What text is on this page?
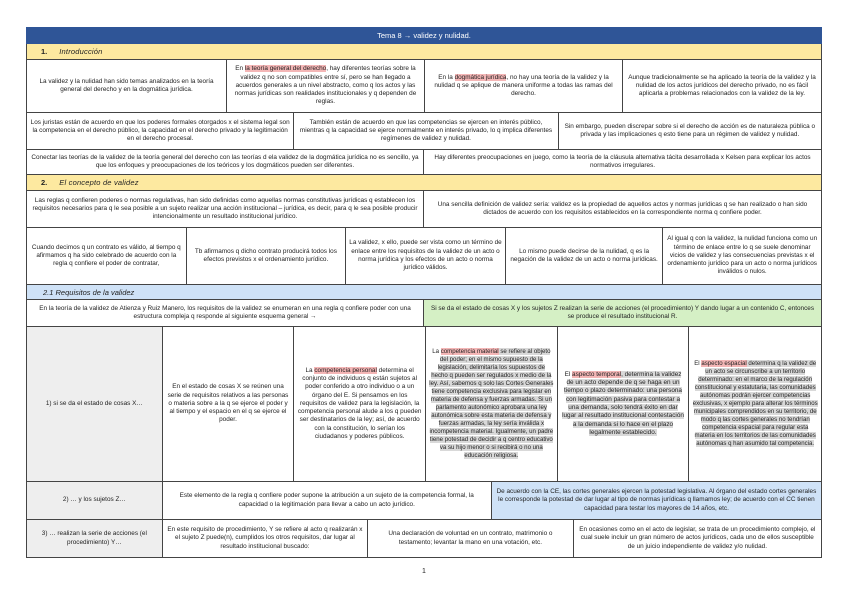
Tema 8 → validez y nulidad.
1. Introducción
La validez y la nulidad han sido temas analizados en la teoría general del derecho y en la dogmática jurídica.
En la teoría general del derecho, hay diferentes teorías sobre la validez q no son compatibles entre sí, pero se han llegado a acuerdos generales a un nivel abstracto, como q los actos y las normas jurídicas son realidades institucionales y q dependen de reglas.
En la dogmática jurídica, no hay una teoría de la validez y la nulidad q se aplique de manera uniforme a todas las ramas del derecho.
Aunque tradicionalmente se ha aplicado la teoría de la validez y la nulidad de los actos jurídicos del derecho privado, no es fácil aplicarla a problemas relacionados con la validez de la ley.
Los juristas están de acuerdo en que los poderes formales otorgados x el sistema legal son la competencia en el derecho público, la capacidad en el derecho privado y la legitimación en el derecho procesal.
También están de acuerdo en que las competencias se ejercen en interés público, mientras q la capacidad se ejerce normalmente en interés privado, lo q implica diferentes regímenes de validez y nulidad.
Sin embargo, pueden discrepar sobre si el derecho de acción es de naturaleza pública o privada y las implicaciones q esto tiene para un régimen de validez y nulidad.
Conectar las teorías de la validez de la teoría general del derecho con las teorías d ela validez de la dogmática jurídica no es sencillo, ya que los enfoques y preocupaciones de los teóricos y los dogmáticos pueden ser diferentes.
Hay diferentes preocupaciones en juego, como la teoría de la cláusula alternativa tácita desarrollada x Kelsen para explicar los actos normativos irregulares.
2. El concepto de validez
Las reglas q confieren poderes o normas regulativas, han sido definidas como aquellas normas constitutivas jurídicas q establecen los requisitos necesarios para q le sea posible a un sujeto realizar una acción institucional – jurídica, es decir, para q le sea posible producir intencionalmente un resultado institucional jurídico.
Una sencilla definición de validez sería: validez es la propiedad de aquellos actos y normas jurídicas q se han realizado o han sido dictados de acuerdo con los requisitos establecidos en la correspondiente norma q confiere poder.
Cuando decimos q un contrato es válido, al tiempo q afirmamos q ha sido celebrado de acuerdo con la regla q confiere el poder de contratar,
Tb afirmamos q dicho contrato producirá todos los efectos previstos x el ordenamiento jurídico.
La validez, x ello, puede ser vista como un término de enlace entre los requisitos de la validez de un acto o norma jurídica y los efectos de un acto o norma jurídico válidos.
Lo mismo puede decirse de la nulidad, q es la negación de la validez de un acto o norma jurídicas.
Al igual q con la validez, la nulidad funciona como un término de enlace entre lo q se suele denominar vicios de validez y las consecuencias previstas x el ordenamiento jurídico para un acto o norma jurídicos inválidos o nulos.
2.1 Requisitos de la validez
En la teoría de la validez de Atienza y Ruiz Manero, los requisitos de la validez se enumeran en una regla q confiere poder con una estructura compleja q responde al siguiente esquema general →
Si se da el estado de cosas X y los sujetos Z realizan la serie de acciones (el procedimiento) Y dando lugar a un contenido C, entonces se produce el resultado institucional R.
1) si se da el estado de cosas X…
En el estado de cosas X se reúnen una serie de requisitos relativos a las personas o materia sobre a la q se ejerce el poder y al tiempo y el espacio en el q se ejerce el poder.
La competencia personal determina el conjunto de individuos q están sujetos al poder conferido a otro individuo o a un órgano del E. Si pensamos en los requisitos de validez para la legislación, la competencia personal alude a los q pueden ser destinatarios de la ley; así, de acuerdo con la constitución, lo serían los ciudadanos y poderes públicos.
La competencia material se refiere al objeto del poder; en el mismo supuesto de la legislación, delimitaría los supuestos de hecho q pueden ser regulados x medio de la ley. Así, sabemos q solo las Cortes Generales tiene competencia exclusiva para legislar en materia de defensa y fuerzas armadas. Si un parlamento autonómico aprobara una ley autonómica sobre esta materia de defensa y fuerzas armadas, la ley sería inválida x incompetencia material. Igualmente, un padre tiene potestad de decidir a q centro educativo va su hijo menor o si recibirá o no una educación religiosa.
El aspecto temporal, determina la validez de un acto depende de q se haga en un tiempo o plazo determinado: una persona con legitimación pasiva para contestar a una demanda, solo tendrá éxito en dar lugar al resultado institucional contestación a la demanda si lo hace en el plazo legalmente establecido.
El aspecto espacial determina q la validez de un acto se circunscribe a un territorio determinado: en el marco de la regulación constitucional y estatutaria, las comunidades autónomas podrán ejercer competencias exclusivas, x ejemplo para alterar los términos municipales comprendidos en su territorio, de modo q las cortes generales no tendrían competencia espacial para regular esta materia en los territorios de las comunidades autónomas q han asumido tal competencia.
2) … y los sujetos Z…
Este elemento de la regla q confiere poder supone la atribución a un sujeto de la competencia formal, la capacidad o la legitimación para llevar a cabo un acto jurídico.
De acuerdo con la CE, las cortes generales ejercen la potestad legislativa. Al órgano del estado cortes generales le corresponde la potestad de dar lugar al tipo de normas jurídicas q llamamos ley; de acuerdo con el CC tienen capacidad para testar los mayores de 14 años, etc.
3) … realizan la serie de acciones (el procedimiento) Y…
En este requisito de procedimiento, Y se refiere al acto q realizarán x el sujeto Z puede(n), cumplidos los otros requisitos, dar lugar al resultado institucional buscado:
Una declaración de voluntad en un contrato, matrimonio o testamento; levantar la mano en una votación, etc.
En ocasiones como en el acto de legislar, se trata de un procedimiento complejo, el cual suele incluir un gran número de actos jurídicos, cada uno de ellos susceptible de un juicio independiente de validez y/o nulidad.
1
